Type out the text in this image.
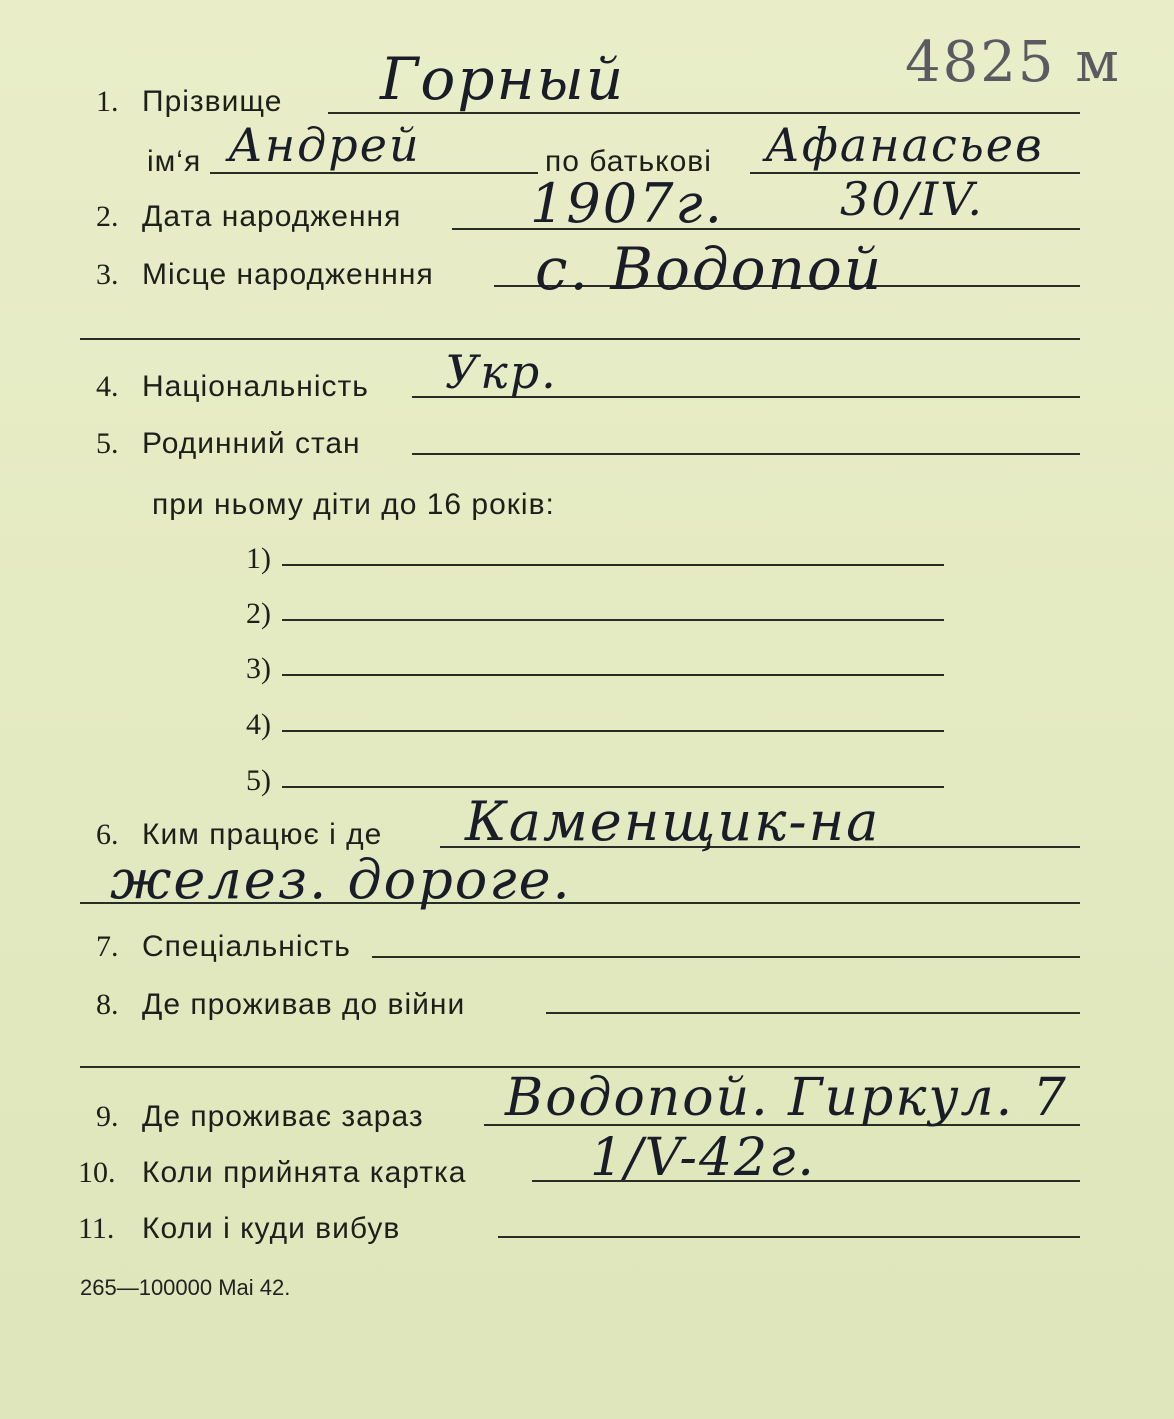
4825 м
1. Прізвище Горный
ім‘я Андрей	по батькові Афанасьев
2. Дата народження 1907г.	30/IV.
3. Місце народженння с. Водопой
4. Національність Укр.
5. Родинний стан
при ньому діти до 16 років:
1)
2)
3)
4)
5)
6. Ким працює і де Каменщик-на
желез. дороге.
7. Спеціальність
8. Де проживав до війни
9. Де проживає зараз Водопой. Гиркул. 7
10. Коли прийнята картка 1/V-42г.
11. Коли і куди вибув
265—100000 Mai 42.
